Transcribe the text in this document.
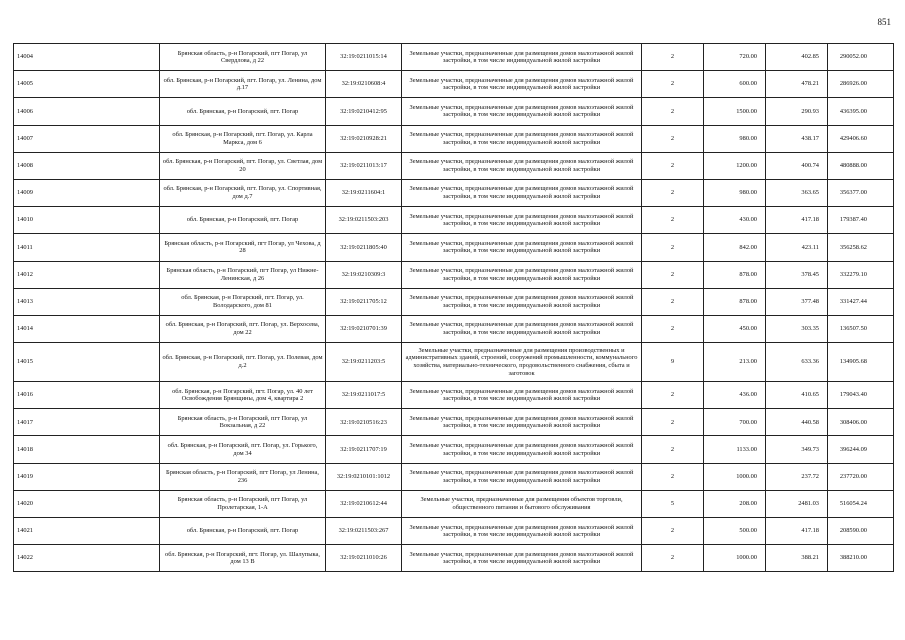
851
14004	Брянская область, р-н Погарский, пгт Погар, ул Свердлова, д 22	32:19:0211015:14	Земельные участки, предназначенные для размещения домов малоэтажной жилой застройки, в том числе индивидуальной жилой застройки	2	720.00	402.85	290052.00
14005	обл. Брянская, р-н Погарский, пгт. Погар, ул. Ленина, дом д.17	32:19:0210608:4	Земельные участки, предназначенные для размещения домов малоэтажной жилой застройки, в том числе индивидуальной жилой застройки	2	600.00	478.21	286926.00
14006	обл. Брянская, р-н Погарский, пгт. Погар	32:19:0210412:95	Земельные участки, предназначенные для размещения домов малоэтажной жилой застройки, в том числе индивидуальной жилой застройки	2	1500.00	290.93	436395.00
14007	обл. Брянская, р-н Погарский, пгт. Погар, ул. Карла Маркса, дом 6	32:19:0210928:21	Земельные участки, предназначенные для размещения домов малоэтажной жилой застройки, в том числе индивидуальной жилой застройки	2	980.00	438.17	429406.60
14008	обл. Брянская, р-н Погарский, пгт. Погар, ул. Светлая, дом 20	32:19:0211013:17	Земельные участки, предназначенные для размещения домов малоэтажной жилой застройки, в том числе индивидуальной жилой застройки	2	1200.00	400.74	480888.00
14009	обл. Брянская, р-н Погарский, пгт. Погар, ул. Спортивная, дом д.7	32:19:0211604:1	Земельные участки, предназначенные для размещения домов малоэтажной жилой застройки, в том числе индивидуальной жилой застройки	2	980.00	363.65	356377.00
14010	обл. Брянская, р-н Погарский, пгт. Погар	32:19:0211503:203	Земельные участки, предназначенные для размещения домов малоэтажной жилой застройки, в том числе индивидуальной жилой застройки	2	430.00	417.18	179387.40
14011	Брянская область, р-н Погарский, пгт Погар, ул Чехова, д 28	32:19:0211805:40	Земельные участки, предназначенные для размещения домов малоэтажной жилой застройки, в том числе индивидуальной жилой застройки	2	842.00	423.11	356258.62
14012	Брянская область, р-н Погарский, пгт Погар, ул Нижне-Ленинская, д 26	32:19:0210309:3	Земельные участки, предназначенные для размещения домов малоэтажной жилой застройки, в том числе индивидуальной жилой застройки	2	878.00	378.45	332279.10
14013	обл. Брянская, р-н Погарский, пгт. Погар, ул. Володарского, дом 81	32:19:0211705:12	Земельные участки, предназначенные для размещения домов малоэтажной жилой застройки, в том числе индивидуальной жилой застройки	2	878.00	377.48	331427.44
14014	обл. Брянская, р-н Погарский, пгт. Погар, ул. Верхосева, дом 22	32:19:0210701:39	Земельные участки, предназначенные для размещения домов малоэтажной жилой застройки, в том числе индивидуальной жилой застройки	2	450.00	303.35	136507.50
14015	обл. Брянская, р-н Погарский, пгт. Погар, ул. Полевая, дом д.2	32:19:0211203:5	Земельные участки, предназначенные для размещения производственных и административных зданий, строений, сооружений промышленности, коммунального хозяйства, материально-технического, продовольственного снабжения, сбыта и заготовок	9	213.00	633.36	134905.68
14016	обл. Брянская, р-н Погарский, пгт. Погар, ул. 40 лет Освобождения Брянщины, дом 4, квартира 2	32:19:0211017:5	Земельные участки, предназначенные для размещения домов малоэтажной жилой застройки, в том числе индивидуальной жилой застройки	2	436.00	410.65	179043.40
14017	Брянская область, р-н Погарский, пгт Погар, ул Вокзальная, д 22	32:19:0210516:23	Земельные участки, предназначенные для размещения домов малоэтажной жилой застройки, в том числе индивидуальной жилой застройки	2	700.00	440.58	308406.00
14018	обл. Брянская, р-н Погарский, пгт. Погар, ул. Горького, дом 34	32:19:0211707:19	Земельные участки, предназначенные для размещения домов малоэтажной жилой застройки, в том числе индивидуальной жилой застройки	2	1133.00	349.73	396244.09
14019	Брянская область, р-н Погарский, пгт Погар, ул Ленина, 236	32:19:0210101:1012	Земельные участки, предназначенные для размещения домов малоэтажной жилой застройки, в том числе индивидуальной жилой застройки	2	1000.00	237.72	237720.00
14020	Брянская область, р-н Погарский, пгт Погар, ул Пролетарская, 1-А	32:19:0210612:44	Земельные участки, предназначенные для размещения объектов торговли, общественного питания и бытового обслуживания	5	208.00	2481.03	516054.24
14021	обл. Брянская, р-н Погарский, пгт. Погар	32:19:0211503:267	Земельные участки, предназначенные для размещения домов малоэтажной жилой застройки, в том числе индивидуальной жилой застройки	2	500.00	417.18	208590.00
14022	обл. Брянская, р-н Погарский, пгт. Погар, ул. Шалупыка, дом 13 В	32:19:0211010:26	Земельные участки, предназначенные для размещения домов малоэтажной жилой застройки, в том числе индивидуальной жилой застройки	2	1000.00	388.21	388210.00
